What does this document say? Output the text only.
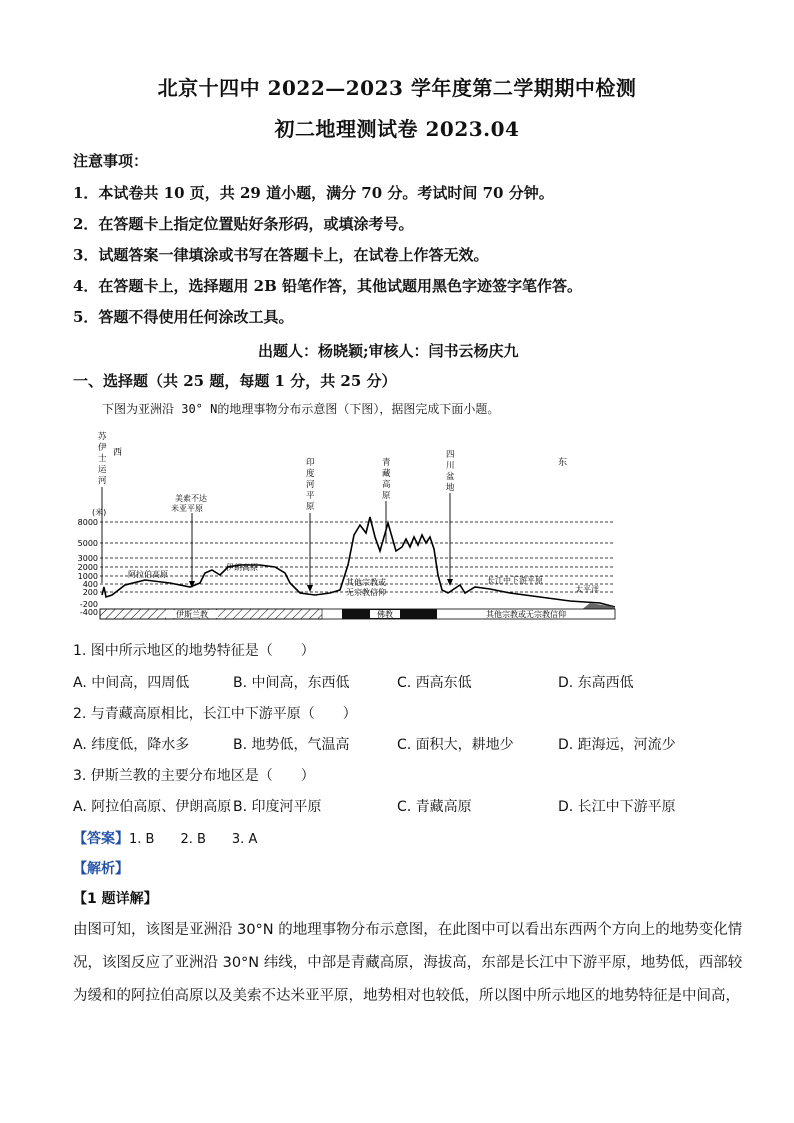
北京十四中 2022—2023 学年度第二学期期中检测
初二地理测试卷 2023.04
注意事项：
1．本试卷共 10 页，共 29 道小题，满分 70 分。考试时间 70 分钟。
2．在答题卡上指定位置贴好条形码，或填涂考号。
3．试题答案一律填涂或书写在答题卡上，在试卷上作答无效。
4．在答题卡上，选择题用 2B 铅笔作答，其他试题用黑色字迹签字笔作答。
5．答题不得使用任何涂改工具。
出题人：杨晓颖;审核人：闫书云杨庆九
一、选择题（共 25 题，每题 1 分，共 25 分）
下图为亚洲沿 30° N的地理事物分布示意图（下图），据图完成下面小题。
(米)
8000
5000
3000
2000
1000
400
200
-200
-400	伊斯兰教	佛教	其他宗教或无宗教信仰
苏
伊
士
运
河
西
东
美索不达
米亚平原
印
度
河
平
原
青
藏
高
原
四
川
盆
地
阿拉伯高原
伊朗高原
长江中下游平原
太平洋
其他宗教或
无宗教信仰
1. 图中所示地区的地势特征是（　　）
A. 中间高，四周低	B. 中间高，东西低	C. 西高东低	D. 东高西低
2. 与青藏高原相比，长江中下游平原（　　）
A. 纬度低，降水多	B. 地势低，气温高	C. 面积大，耕地少	D. 距海远，河流少
3. 伊斯兰教的主要分布地区是（　　）
A. 阿拉伯高原、伊朗高原 B. 印度河平原	C. 青藏高原	D. 长江中下游平原
【答案】1. B　　2. B　　3. A
【解析】
【1 题详解】
由图可知，该图是亚洲沿 30°N 的地理事物分布示意图，在此图中可以看出东西两个方向上的地势变化情
况，该图反应了亚洲沿 30°N 纬线，中部是青藏高原，海拔高，东部是长江中下游平原，地势低，西部较
为缓和的阿拉伯高原以及美索不达米亚平原，地势相对也较低，所以图中所示地区的地势特征是中间高，
